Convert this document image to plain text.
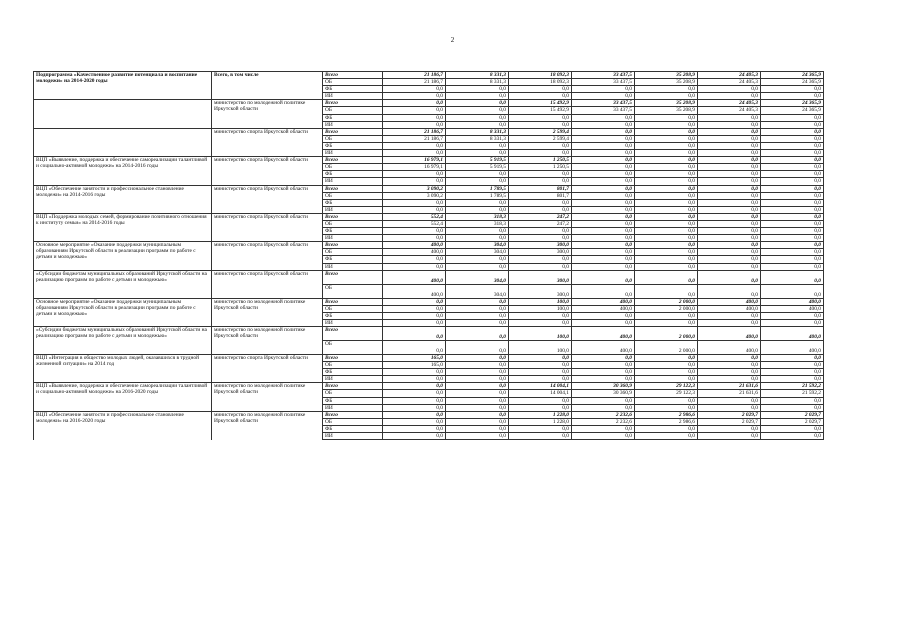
2
Подпрограмма «Качественное развитие потенциала и воспитание молодежи» на 2014-2020 годы	Всего, в том числе	Всего	21 186,7	8 331,3	18 092,3	33 437,5	35 208,9	24 405,3	24 365,9
		ОБ	21 186,7	8 331,3	18 092,3	33 437,5	35 208,9	24 405,3	24 365,9
		ФБ	0,0	0,0	0,0	0,0	0,0	0,0	0,0
		ИИ	0,0	0,0	0,0	0,0	0,0	0,0	0,0
	министерство по молодежной политике Иркутской области	Всего	0,0	0,0	15 492,9	33 437,5	35 208,9	24 405,3	24 365,9
		ОБ	0,0	0,0	15 492,9	33 437,5	35 208,9	24 405,3	24 365,9
		ФБ	0,0	0,0	0,0	0,0	0,0	0,0	0,0
		ИИ	0,0	0,0	0,0	0,0	0,0	0,0	0,0
	министерство спорта Иркутской области	Всего	21 186,7	8 331,3	2 599,4	0,0	0,0	0,0	0,0
		ОБ	21 186,7	8 331,3	2 599,4	0,0	0,0	0,0	0,0
		ФБ	0,0	0,0	0,0	0,0	0,0	0,0	0,0
		ИИ	0,0	0,0	0,0	0,0	0,0	0,0	0,0
ВЦП «Выявление, поддержка и обеспечение самореализации талантливой и социально-активной молодежи» на 2014-2016 годы	министерство спорта Иркутской области	Всего	16 979,1	5 919,5	1 250,5	0,0	0,0	0,0	0,0
		ОБ	16 979,1	5 919,5	1 250,5	0,0	0,0	0,0	0,0
		ФБ	0,0	0,0	0,0	0,0	0,0	0,0	0,0
		ИИ	0,0	0,0	0,0	0,0	0,0	0,0	0,0
ВЦП «Обеспечение занятости и профессиональное становление молодежи» на 2014-2016 годы	министерство спорта Иркутской области	Всего	3 090,2	1 789,5	801,7	0,0	0,0	0,0	0,0
		ОБ	3 090,2	1 789,5	801,7	0,0	0,0	0,0	0,0
		ФБ	0,0	0,0	0,0	0,0	0,0	0,0	0,0
		ИИ	0,0	0,0	0,0	0,0	0,0	0,0	0,0
ВЦП «Поддержка молодых семей, формирование позитивного отношения к институту семьи» на 2014-2016 годы	министерство спорта Иркутской области	Всего	552,4	318,3	247,2	0,0	0,0	0,0	0,0
		ОБ	552,4	318,3	247,2	0,0	0,0	0,0	0,0
		ФБ	0,0	0,0	0,0	0,0	0,0	0,0	0,0
		ИИ	0,0	0,0	0,0	0,0	0,0	0,0	0,0
Основное мероприятие «Оказание поддержки муниципальным образованиям Иркутской области в реализации программ по работе с детьми и молодежью»	министерство спорта Иркутской области	Всего	400,0	304,0	300,0	0,0	0,0	0,0	0,0
		ОБ	400,0	304,0	300,0	0,0	0,0	0,0	0,0
		ФБ	0,0	0,0	0,0	0,0	0,0	0,0	0,0
		ИИ	0,0	0,0	0,0	0,0	0,0	0,0	0,0
«Субсидии бюджетам муниципальных образований Иркутской области на реализацию программ по работе с детьми и молодежью»	министерство спорта Иркутской области	Всего	400,0	304,0	300,0	0,0	0,0	0,0	0,0
		ОБ	400,0	304,0	300,0	0,0	0,0	0,0	0,0
Основное мероприятие «Оказание поддержки муниципальным образованиям Иркутской области в реализации программ по работе с детьми и молодежью»	министерство по молодежной политике Иркутской области	Всего	0,0	0,0	100,0	400,0	2 000,0	400,0	400,0
		ОБ	0,0	0,0	100,0	400,0	2 000,0	400,0	400,0
		ФБ	0,0	0,0	0,0	0,0	0,0	0,0	0,0
		ИИ	0,0	0,0	0,0	0,0	0,0	0,0	0,0
«Субсидии бюджетам муниципальных образований Иркутской области на реализацию программ по работе с детьми и молодежью»	министерство по молодежной политике Иркутской области	Всего	0,0	0,0	100,0	400,0	2 000,0	400,0	400,0
		ОБ	0,0	0,0	100,0	400,0	2 000,0	400,0	400,0
ВЦП «Интеграция в общество молодых людей, оказавшихся в трудной жизненной ситуации» на 2014 год	министерство спорта Иркутской области	Всего	165,0	0,0	0,0	0,0	0,0	0,0	0,0
		ОБ	165,0	0,0	0,0	0,0	0,0	0,0	0,0
		ФБ	0,0	0,0	0,0	0,0	0,0	0,0	0,0
		ИИ	0,0	0,0	0,0	0,0	0,0	0,0	0,0
ВЦП «Выявление, поддержка и обеспечение самореализации талантливой и социально-активной молодежи» на 2016-2020 годы	министерство по молодежной политике Иркутской области	Всего	0,0	0,0	14 004,1	30 360,9	29 122,3	21 631,6	21 592,2
		ОБ	0,0	0,0	14 004,1	30 360,9	29 122,3	21 631,6	21 592,2
		ФБ	0,0	0,0	0,0	0,0	0,0	0,0	0,0
		ИИ	0,0	0,0	0,0	0,0	0,0	0,0	0,0
ВЦП «Обеспечение занятости и профессиональное становление молодежи» на 2016-2020 годы	министерство по молодежной политике Иркутской области	Всего	0,0	0,0	1 228,0	2 232,6	2 986,6	2 029,7	2 029,7
		ОБ	0,0	0,0	1 228,0	2 232,6	2 986,6	2 029,7	2 029,7
		ФБ	0,0	0,0	0,0	0,0	0,0	0,0	0,0
		ИИ	0,0	0,0	0,0	0,0	0,0	0,0	0,0
